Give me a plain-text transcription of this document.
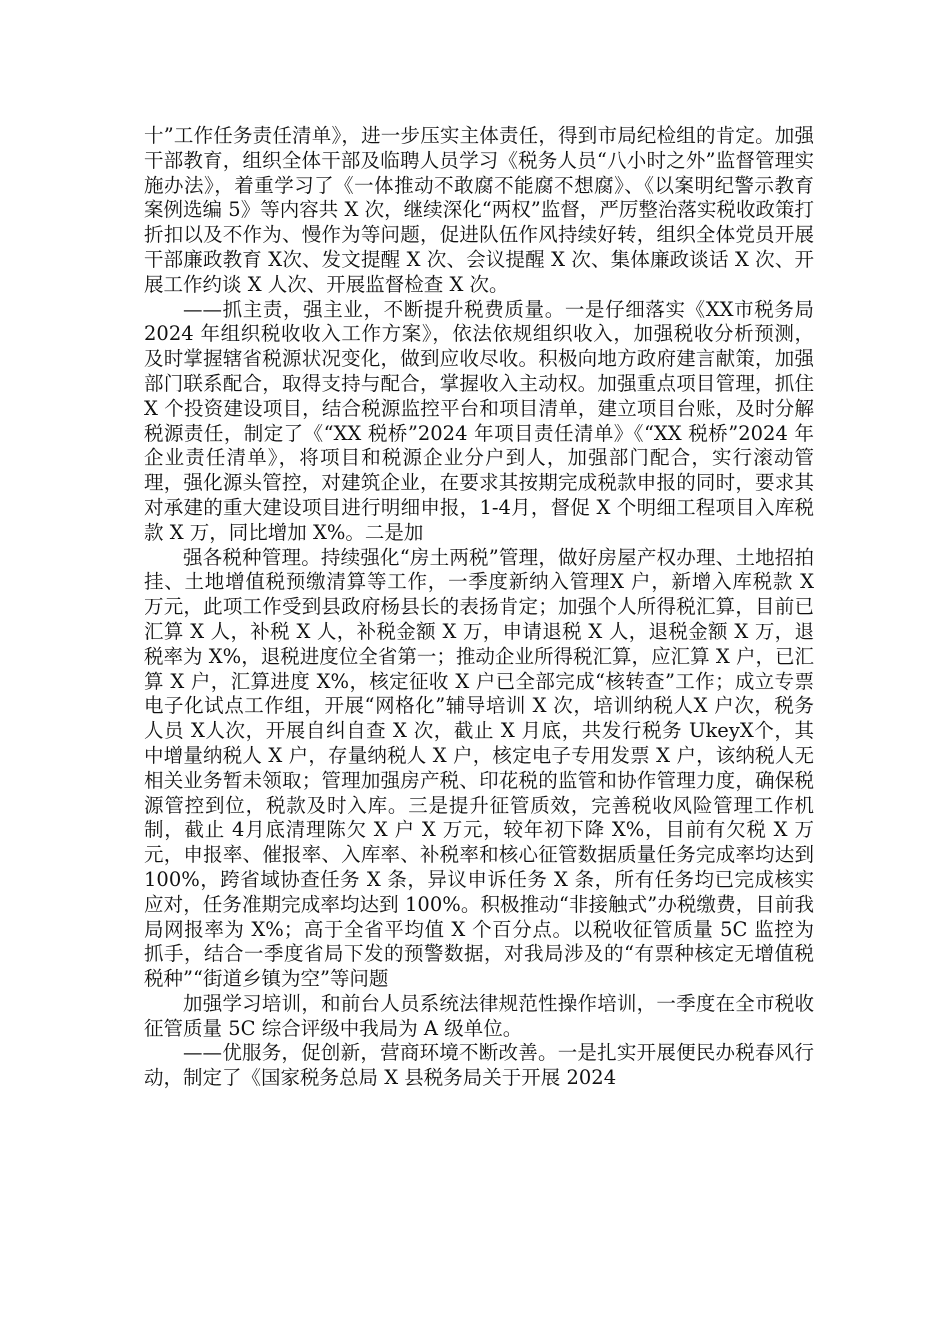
十”工作任务责任清单》，进一步压实主体责任，得到市局纪检组的肯定。加强干部教育，组织全体干部及临聘人员学习《税务人员“八小时之外”监督管理实施办法》，着重学习了《一体推动不敢腐不能腐不想腐》、《以案明纪警示教育案例选编 5》等内容共 X 次，继续深化“两权”监督，严厉整治落实税收政策打折扣以及不作为、慢作为等问题，促进队伍作风持续好转，组织全体党员开展干部廉政教育 X次、发文提醒 X 次、会议提醒 X 次、集体廉政谈话 X 次、开展工作约谈 X 人次、开展监督检查 X 次。

——抓主责，强主业，不断提升税费质量。一是仔细落实《XX市税务局 2024 年组织税收收入工作方案》，依法依规组织收入，加强税收分析预测，及时掌握辖省税源状况变化，做到应收尽收。积极向地方政府建言献策，加强部门联系配合，取得支持与配合，掌握收入主动权。加强重点项目管理，抓住 X 个投资建设项目，结合税源监控平台和项目清单，建立项目台账，及时分解税源责任，制定了《“XX 税桥”2024 年项目责任清单》《“XX 税桥”2024 年企业责任清单》，将项目和税源企业分户到人，加强部门配合，实行滚动管理，强化源头管控，对建筑企业，在要求其按期完成税款申报的同时，要求其对承建的重大建设项目进行明细申报，1-4月，督促 X 个明细工程项目入库税款 X 万，同比增加 X%。二是加

强各税种管理。持续强化“房土两税”管理，做好房屋产权办理、土地招拍挂、土地增值税预缴清算等工作，一季度新纳入管理X 户，新增入库税款 X 万元，此项工作受到县政府杨县长的表扬肯定；加强个人所得税汇算，目前已汇算 X 人，补税 X 人，补税金额 X 万，申请退税 X 人，退税金额 X 万，退税率为 X%，退税进度位全省第一；推动企业所得税汇算，应汇算 X 户，已汇算 X 户，汇算进度 X%，核定征收 X 户已全部完成“核转查”工作；成立专票电子化试点工作组，开展“网格化”辅导培训 X 次，培训纳税人X 户次，税务人员 X人次，开展自纠自查 X 次，截止 X 月底，共发行税务 UkeyX个，其中增量纳税人 X 户，存量纳税人 X 户，核定电子专用发票 X 户，该纳税人无相关业务暂未领取；管理加强房产税、印花税的监管和协作管理力度，确保税源管控到位，税款及时入库。三是提升征管质效，完善税收风险管理工作机制，截止 4月底清理陈欠 X 户 X 万元，较年初下降 X%，目前有欠税 X 万元，申报率、催报率、入库率、补税率和核心征管数据质量任务完成率均达到 100%，跨省域协查任务 X 条，异议申诉任务 X 条，所有任务均已完成核实应对，任务准期完成率均达到 100%。积极推动“非接触式”办税缴费，目前我局网报率为 X%；高于全省平均值 X 个百分点。以税收征管质量 5C 监控为抓手，结合一季度省局下发的预警数据，对我局涉及的“有票种核定无增值税税种”“街道乡镇为空”等问题

加强学习培训，和前台人员系统法律规范性操作培训，一季度在全市税收征管质量 5C 综合评级中我局为 A 级单位。

——优服务，促创新，营商环境不断改善。一是扎实开展便民办税春风行动，制定了《国家税务总局 X 县税务局关于开展 2024
